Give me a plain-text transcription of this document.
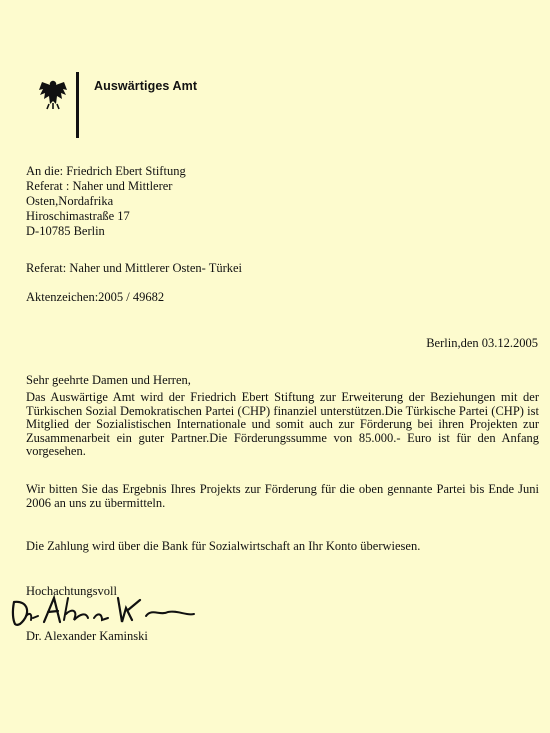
Auswärtiges Amt
An die: Friedrich Ebert Stiftung
Referat : Naher und Mittlerer
Osten,Nordafrika
Hiroschimastraße 17
D-10785 Berlin
Referat: Naher und Mittlerer Osten- Türkei
Aktenzeichen:2005 / 49682
Berlin,den 03.12.2005
Sehr geehrte Damen und Herren,
Das Auswärtige Amt wird der Friedrich Ebert Stiftung zur Erweiterung der Beziehungen mit der Türkischen Sozial Demokratischen Partei (CHP) finanziel unterstützen.Die Türkische Partei (CHP) ist Mitglied der Sozialistischen Internationale und somit auch zur Förderung bei ihren Projekten zur Zusammenarbeit ein guter Partner.Die Förderungssumme von 85.000.- Euro ist für den Anfang vorgesehen.
Wir bitten Sie das Ergebnis Ihres Projekts zur Förderung für die oben gennante Partei bis Ende Juni 2006 an uns zu übermitteln.
Die Zahlung wird über die Bank für Sozialwirtschaft an Ihr Konto überwiesen.
Hochachtungsvoll
Dr. Alexander Kaminski
